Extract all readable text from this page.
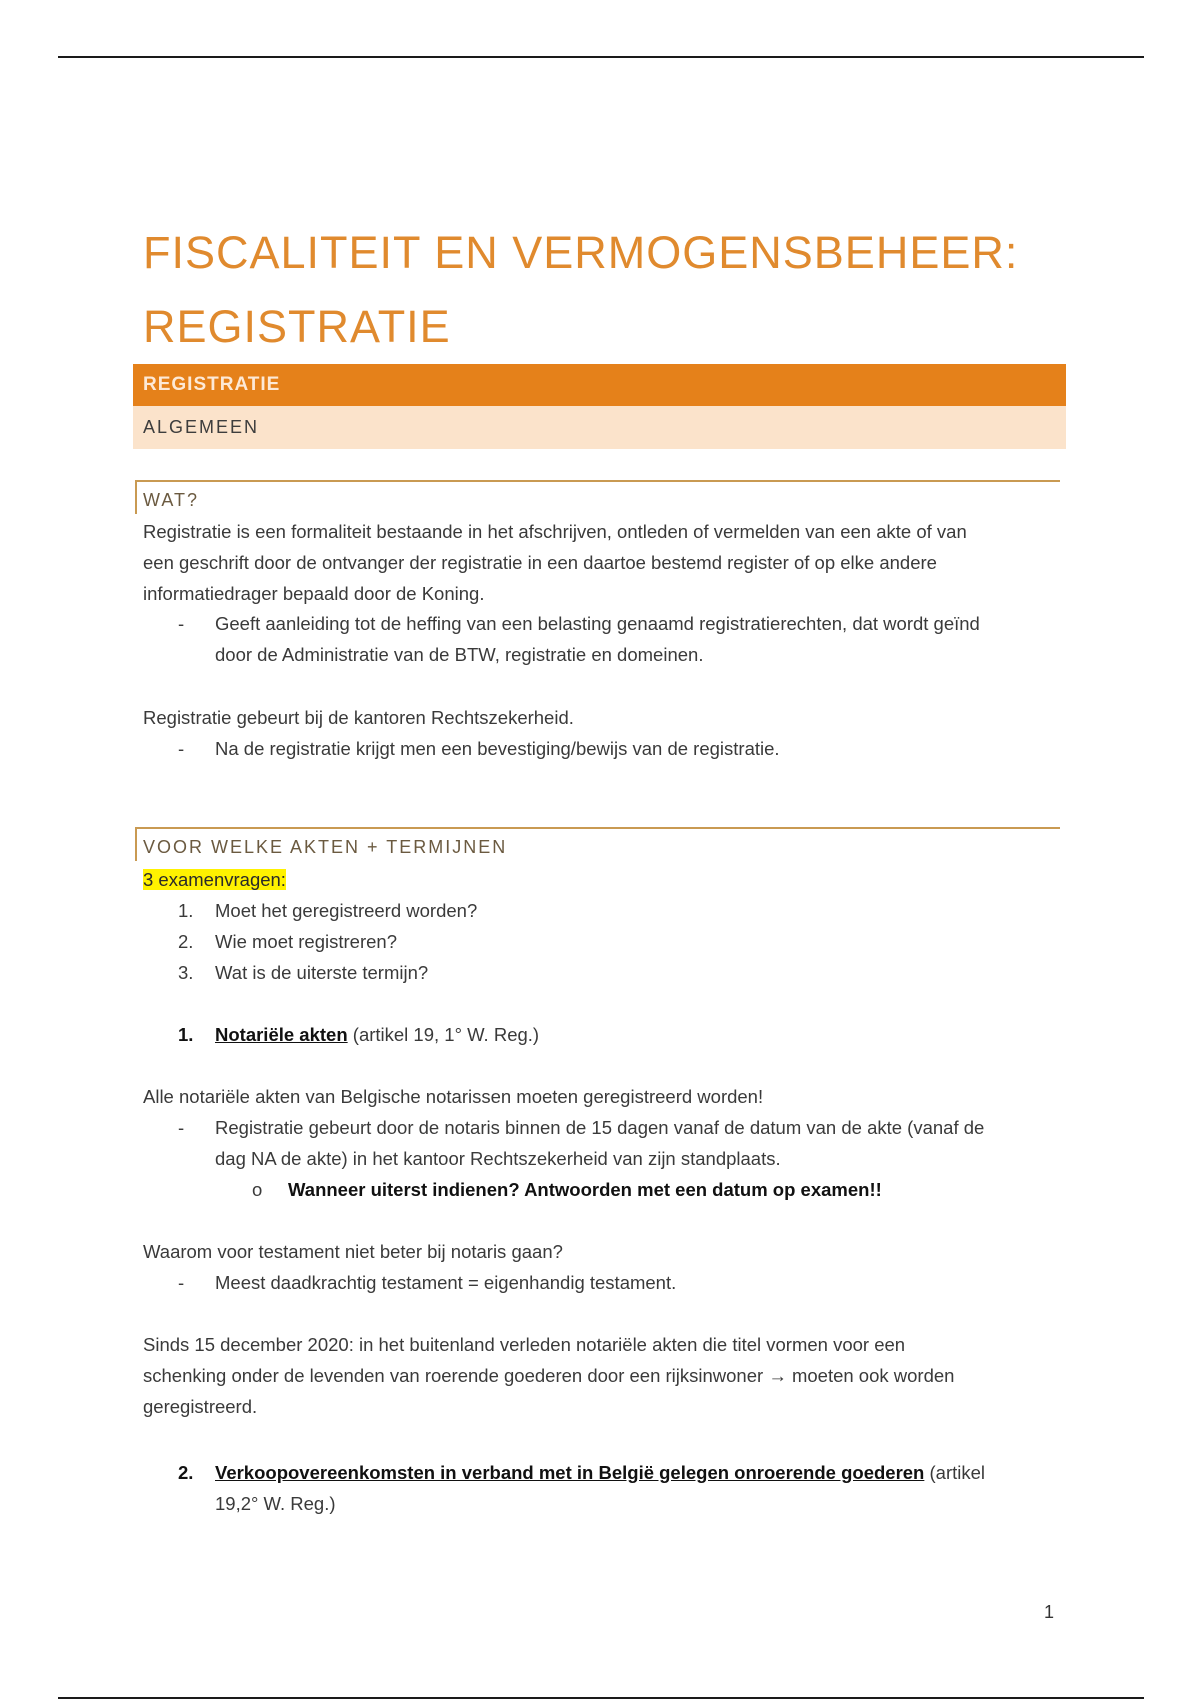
FISCALITEIT EN VERMOGENSBEHEER:
REGISTRATIE
REGISTRATIE
ALGEMEEN
WAT?
Registratie is een formaliteit bestaande in het afschrijven, ontleden of vermelden van een akte of van
een geschrift door de ontvanger der registratie in een daartoe bestemd register of op elke andere
informatiedrager bepaald door de Koning.
- Geeft aanleiding tot de heffing van een belasting genaamd registratierechten, dat wordt geïnd
door de Administratie van de BTW, registratie en domeinen.
Registratie gebeurt bij de kantoren Rechtszekerheid.
- Na de registratie krijgt men een bevestiging/bewijs van de registratie.
VOOR WELKE AKTEN + TERMIJNEN
3 examenvragen:
1. Moet het geregistreerd worden?
2. Wie moet registreren?
3. Wat is de uiterste termijn?
1. Notariële akten (artikel 19, 1° W. Reg.)
Alle notariële akten van Belgische notarissen moeten geregistreerd worden!
- Registratie gebeurt door de notaris binnen de 15 dagen vanaf de datum van de akte (vanaf de
dag NA de akte) in het kantoor Rechtszekerheid van zijn standplaats.
o Wanneer uiterst indienen? Antwoorden met een datum op examen!!
Waarom voor testament niet beter bij notaris gaan?
- Meest daadkrachtig testament = eigenhandig testament.
Sinds 15 december 2020: in het buitenland verleden notariële akten die titel vormen voor een
schenking onder de levenden van roerende goederen door een rijksinwoner → moeten ook worden
geregistreerd.
2. Verkoopovereenkomsten in verband met in België gelegen onroerende goederen (artikel
19,2° W. Reg.)
1
